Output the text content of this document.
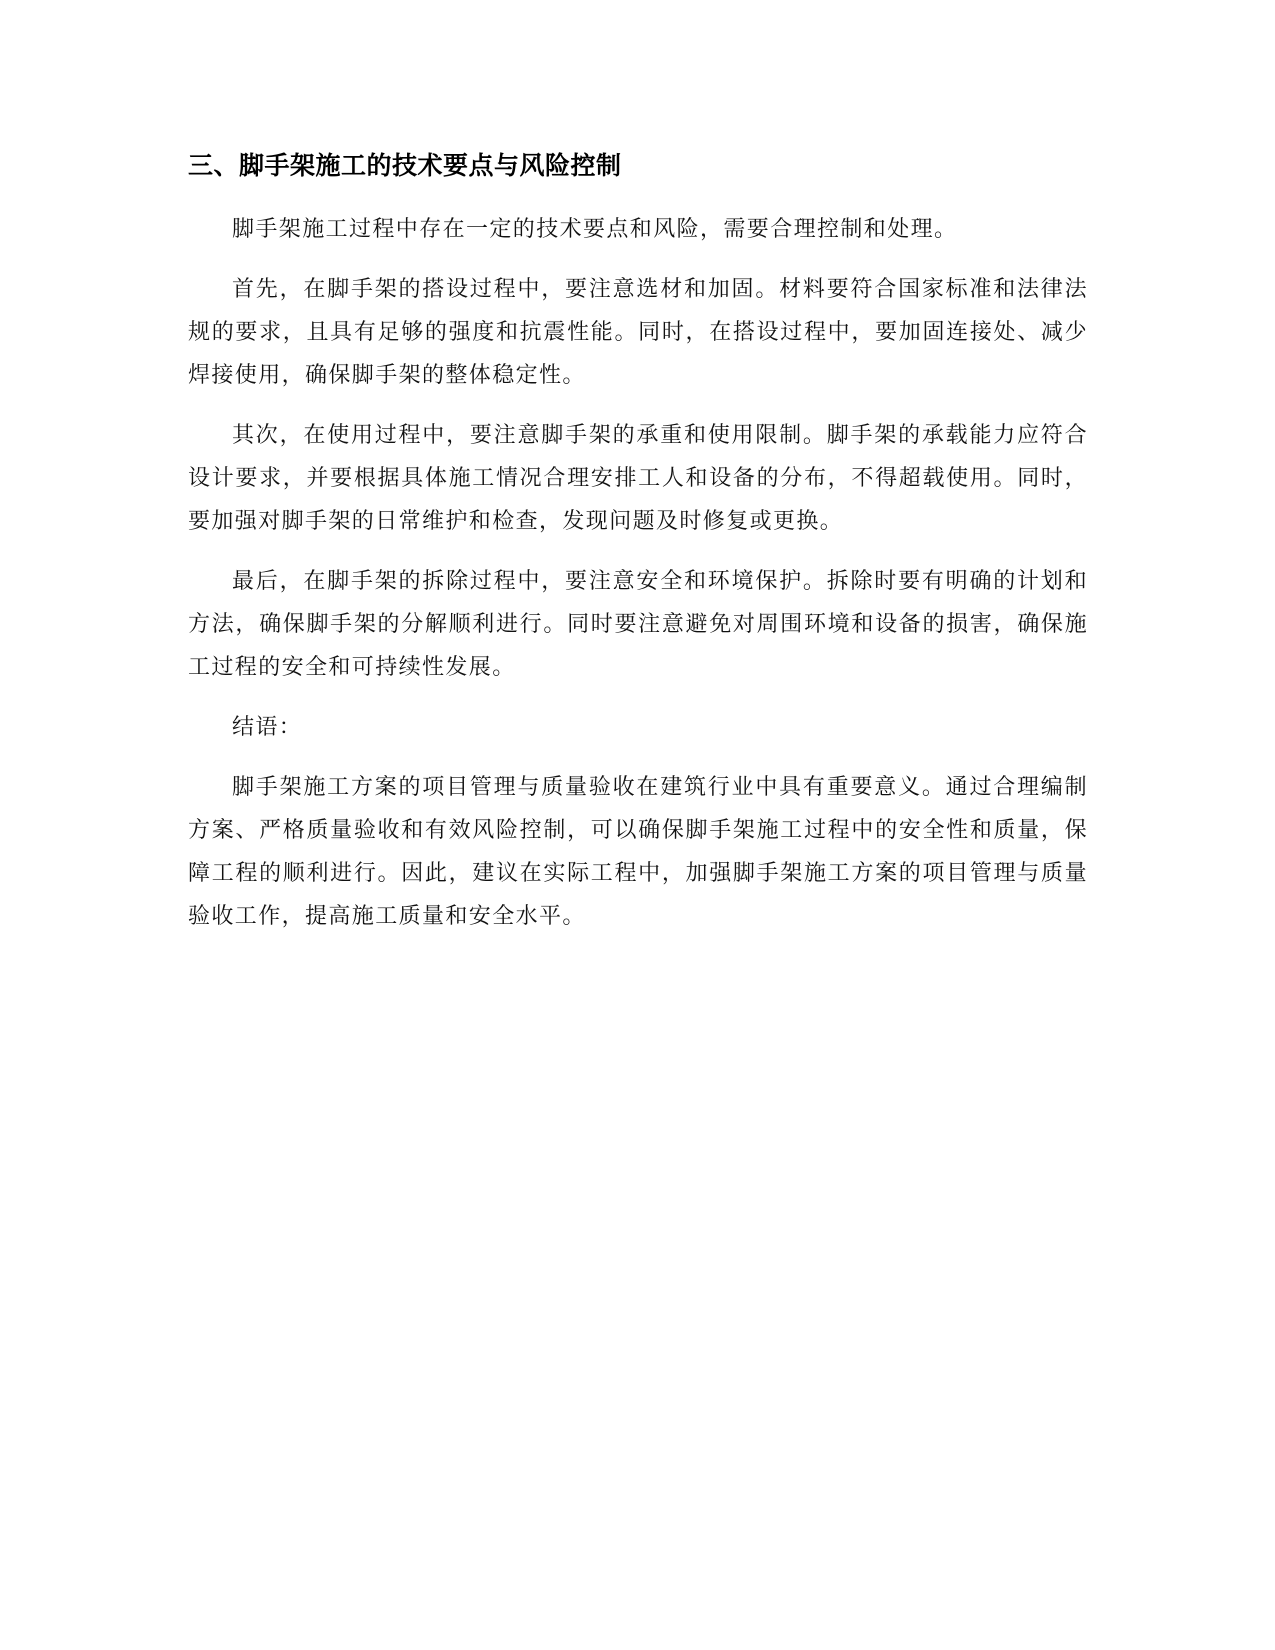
三、脚手架施工的技术要点与风险控制

脚手架施工过程中存在一定的技术要点和风险，需要合理控制和处理。

首先，在脚手架的搭设过程中，要注意选材和加固。材料要符合国家标准和法律法规的要求，且具有足够的强度和抗震性能。同时，在搭设过程中，要加固连接处、减少焊接使用，确保脚手架的整体稳定性。

其次，在使用过程中，要注意脚手架的承重和使用限制。脚手架的承载能力应符合设计要求，并要根据具体施工情况合理安排工人和设备的分布，不得超载使用。同时，要加强对脚手架的日常维护和检查，发现问题及时修复或更换。

最后，在脚手架的拆除过程中，要注意安全和环境保护。拆除时要有明确的计划和方法，确保脚手架的分解顺利进行。同时要注意避免对周围环境和设备的损害，确保施工过程的安全和可持续性发展。

结语：

脚手架施工方案的项目管理与质量验收在建筑行业中具有重要意义。通过合理编制方案、严格质量验收和有效风险控制，可以确保脚手架施工过程中的安全性和质量，保障工程的顺利进行。因此，建议在实际工程中，加强脚手架施工方案的项目管理与质量验收工作，提高施工质量和安全水平。
